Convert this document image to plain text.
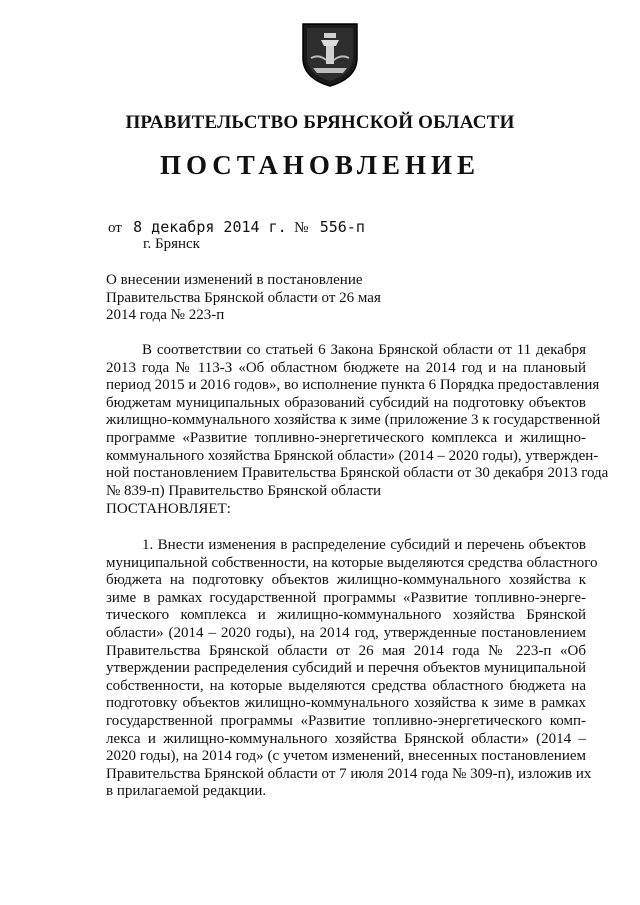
ПРАВИТЕЛЬСТВО БРЯНСКОЙ ОБЛАСТИ
ПОСТАНОВЛЕНИЕ
от 8 декабря 2014 г. № 556-п
г. Брянск
О внесении изменений в постановление
Правительства Брянской области от 26 мая
2014 года № 223-п
В соответствии со статьей 6 Закона Брянской области от 11 декабря
2013 года № 113-З «Об областном бюджете на 2014 год и на плановый
период 2015 и 2016 годов», во исполнение пункта 6 Порядка предоставления
бюджетам муниципальных образований субсидий на подготовку объектов
жилищно-коммунального хозяйства к зиме (приложение 3 к государственной
программе «Развитие топливно-энергетического комплекса и жилищно-
коммунального хозяйства Брянской области» (2014 – 2020 годы), утвержден-
ной постановлением Правительства Брянской области от 30 декабря 2013 года
№ 839-п) Правительство Брянской области
ПОСТАНОВЛЯЕТ:
1. Внести изменения в распределение субсидий и перечень объектов
муниципальной собственности, на которые выделяются средства областного
бюджета на подготовку объектов жилищно-коммунального хозяйства к
зиме в рамках государственной программы «Развитие топливно-энерге-
тического комплекса и жилищно-коммунального хозяйства Брянской
области» (2014 – 2020 годы), на 2014 год, утвержденные постановлением
Правительства Брянской области от 26 мая 2014 года № 223-п «Об
утверждении распределения субсидий и перечня объектов муниципальной
собственности, на которые выделяются средства областного бюджета на
подготовку объектов жилищно-коммунального хозяйства к зиме в рамках
государственной программы «Развитие топливно-энергетического комп-
лекса и жилищно-коммунального хозяйства Брянской области» (2014 –
2020 годы), на 2014 год» (с учетом изменений, внесенных постановлением
Правительства Брянской области от 7 июля 2014 года № 309-п), изложив их
в прилагаемой редакции.
